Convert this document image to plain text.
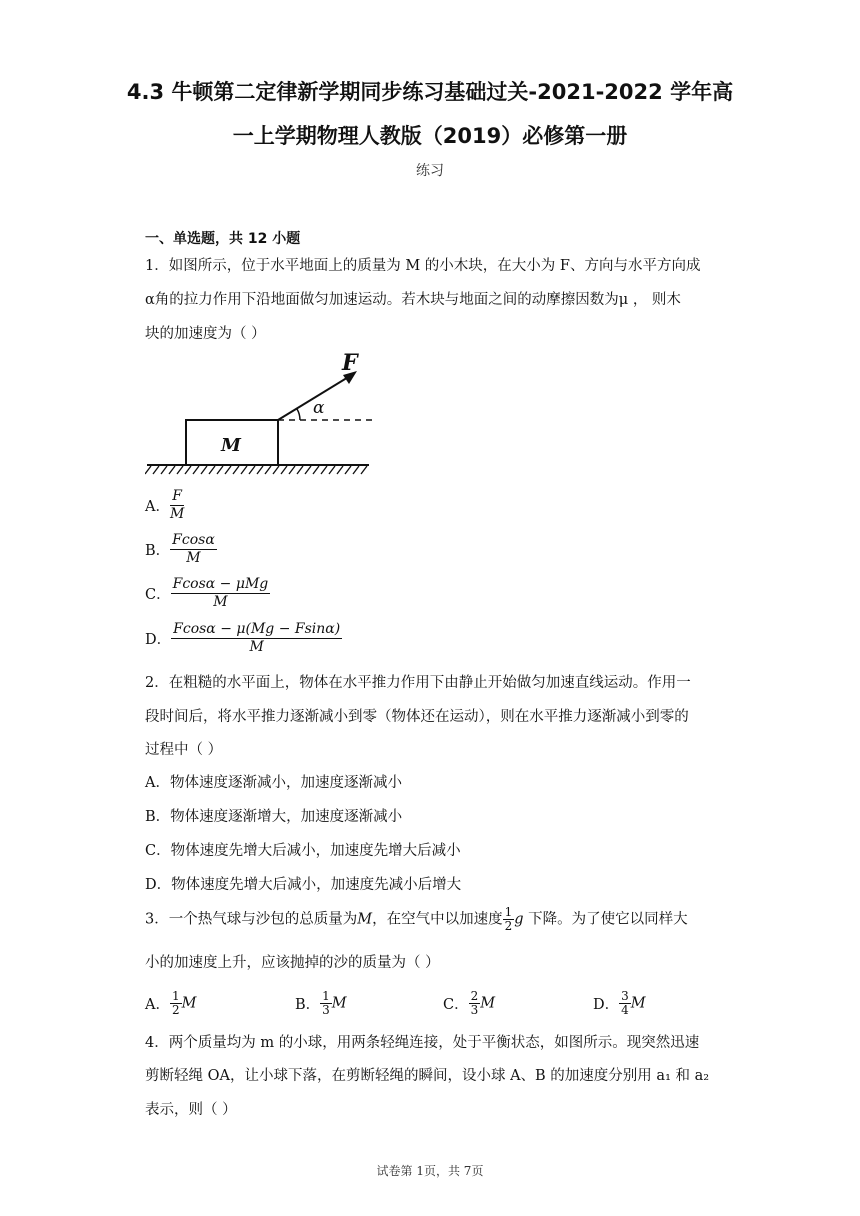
4.3 牛顿第二定律新学期同步练习基础过关-2021-2022 学年高
一上学期物理人教版（2019）必修第一册
练习
一、单选题，共 12 小题
1．如图所示，位于水平地面上的质量为 M 的小木块，在大小为 F、方向与水平方向成
α角的拉力作用下沿地面做匀加速运动。若木块与地面之间的动摩擦因数为μ ， 则木
块的加速度为（ ）
M
F
α
A． $\frac{F}{M}$
B． $\frac{Fcos\alpha}{M}$
C． $\frac{\text{Fcosα − μMg}}{M}$
D． $\frac{Fcos\alpha - \mu(Mg - Fsin\alpha)}{M}$
2．在粗糙的水平面上，物体在水平推力作用下由静止开始做匀加速直线运动。作用一
段时间后，将水平推力逐渐减小到零（物体还在运动），则在水平推力逐渐减小到零的
过程中（ ）
A．物体速度逐渐减小，加速度逐渐减小
B．物体速度逐渐增大，加速度逐渐减小
C．物体速度先增大后减小，加速度先增大后减小
D．物体速度先增大后减小，加速度先减小后增大
3．一个热气球与沙包的总质量为M，在空气中以加速度 $\frac{1}{2}$ g 下降。为了使它以同样大
小的加速度上升，应该抛掉的沙的质量为（ ）
A． $\frac{1}{2}$ M	B． $\frac{1}{3}$ M	C． $\frac{2}{3}$ M	D． $\frac{3}{4}$ M
4．两个质量均为 m 的小球，用两条轻绳连接，处于平衡状态，如图所示。现突然迅速
剪断轻绳 OA，让小球下落，在剪断轻绳的瞬间，设小球 A、B 的加速度分别用 a₁ 和 a₂
表示，则（ ）
试卷第 1页，共 7页
